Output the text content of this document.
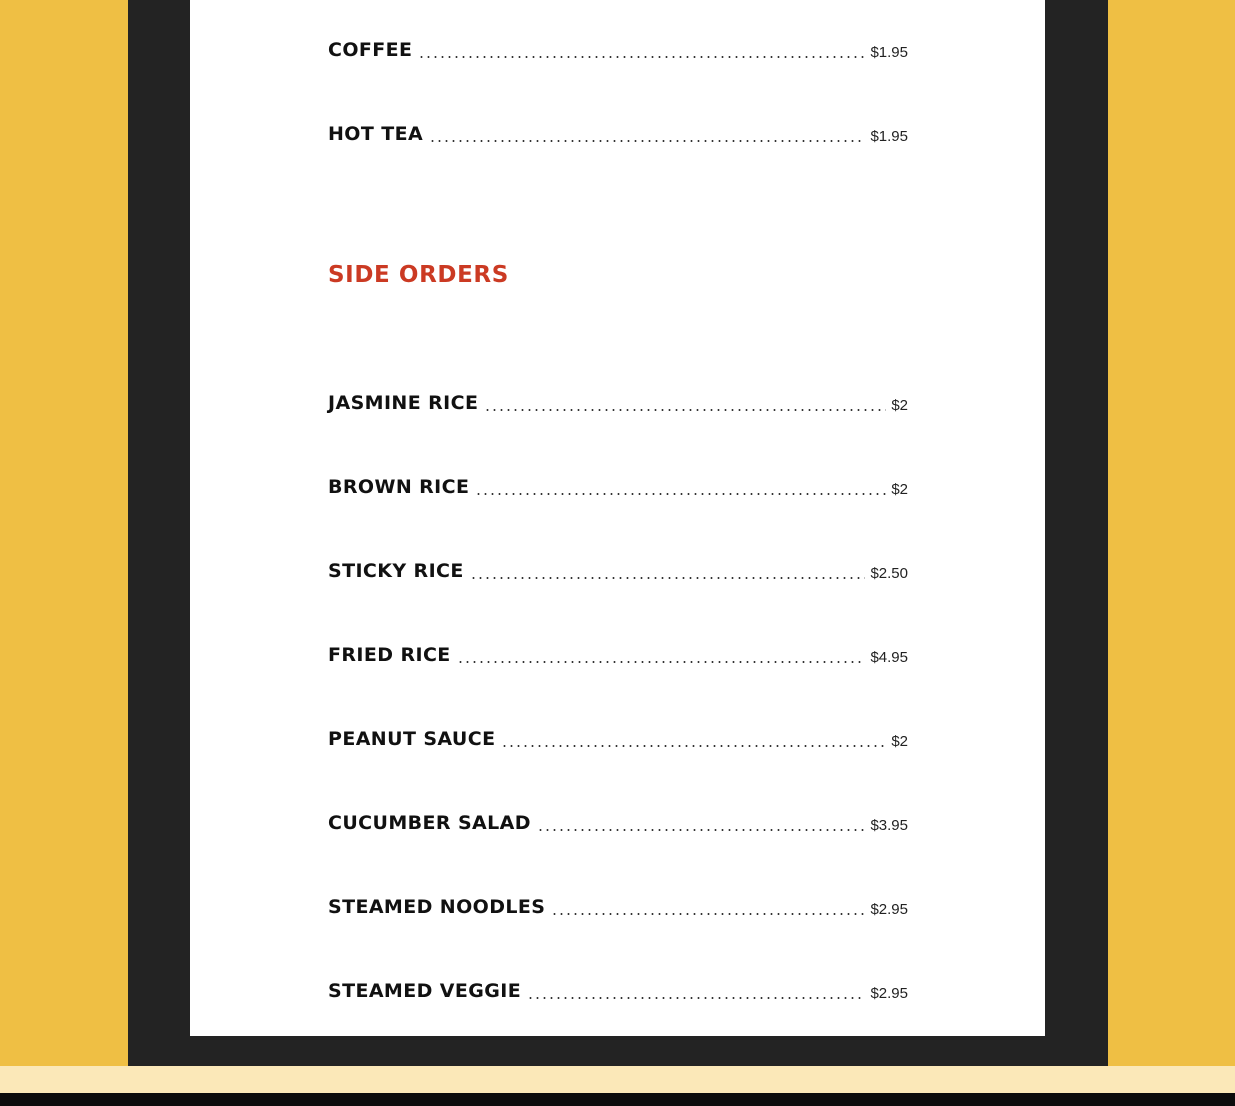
COFFEE	$1.95
HOT TEA	$1.95
SIDE ORDERS
JASMINE RICE	$2
BROWN RICE	$2
STICKY RICE	$2.50
FRIED RICE	$4.95
PEANUT SAUCE	$2
CUCUMBER SALAD	$3.95
STEAMED NOODLES	$2.95
STEAMED VEGGIE	$2.95
